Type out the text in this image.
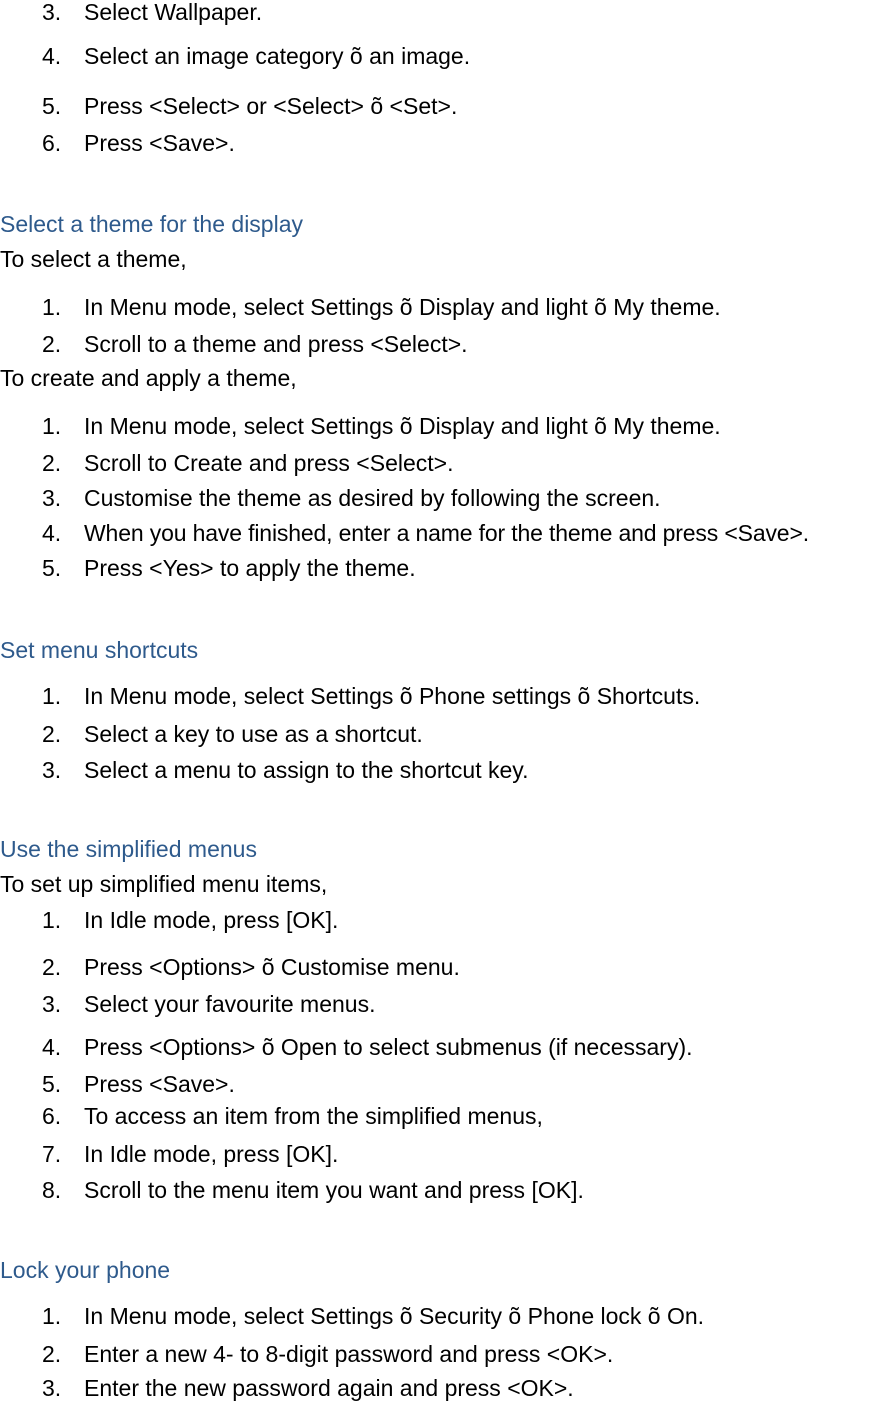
3. Select Wallpaper.
4. Select an image category õ an image.
5. Press <Select> or <Select> õ <Set>.
6. Press <Save>.
Select a theme for the display
To select a theme,
1. In Menu mode, select Settings õ Display and light õ My theme.
2. Scroll to a theme and press <Select>.
To create and apply a theme,
1. In Menu mode, select Settings õ Display and light õ My theme.
2. Scroll to Create and press <Select>.
3. Customise the theme as desired by following the screen.
4. When you have finished, enter a name for the theme and press <Save>.
5. Press <Yes> to apply the theme.
Set menu shortcuts
1. In Menu mode, select Settings õ Phone settings õ Shortcuts.
2. Select a key to use as a shortcut.
3. Select a menu to assign to the shortcut key.
Use the simplified menus
To set up simplified menu items,
1. In Idle mode, press [OK].
2. Press <Options> õ Customise menu.
3. Select your favourite menus.
4. Press <Options> õ Open to select submenus (if necessary).
5. Press <Save>.
6. To access an item from the simplified menus,
7. In Idle mode, press [OK].
8. Scroll to the menu item you want and press [OK].
Lock your phone
1. In Menu mode, select Settings õ Security õ Phone lock õ On.
2. Enter a new 4- to 8-digit password and press <OK>.
3. Enter the new password again and press <OK>.
